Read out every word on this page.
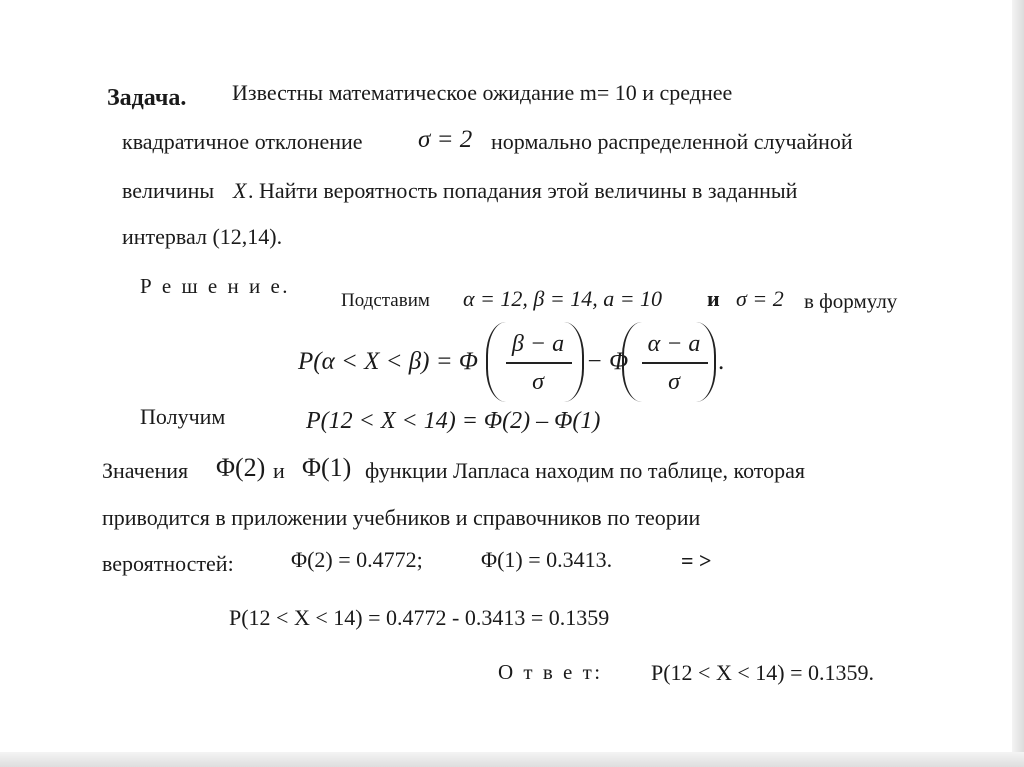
Задача. Известны математическое ожидание m= 10 и среднее
квадратичное отклонение σ = 2 нормально распределенной случайной
величины X . Найти вероятность попадания этой величины в заданный
интервал (12,14).
Р е ш е н и е.
Подставим α = 12, β = 14, a = 10 и σ = 2 в формулу
P(α < X < β) = Φ
β − a
σ
− Φ
α − a
σ
.
Получим	P(12 < X < 14) = Φ(2) – Φ(1)
Значения Φ(2) и Φ(1) функции Лапласа находим по таблице, которая
приводится в приложении учебников и справочников по теории
вероятностей:	Φ(2) = 0.4772;	Φ(1) = 0.3413.	= >
P(12 < X < 14) = 0.4772 - 0.3413 = 0.1359
О т в е т: P(12 < X < 14) = 0.1359.
